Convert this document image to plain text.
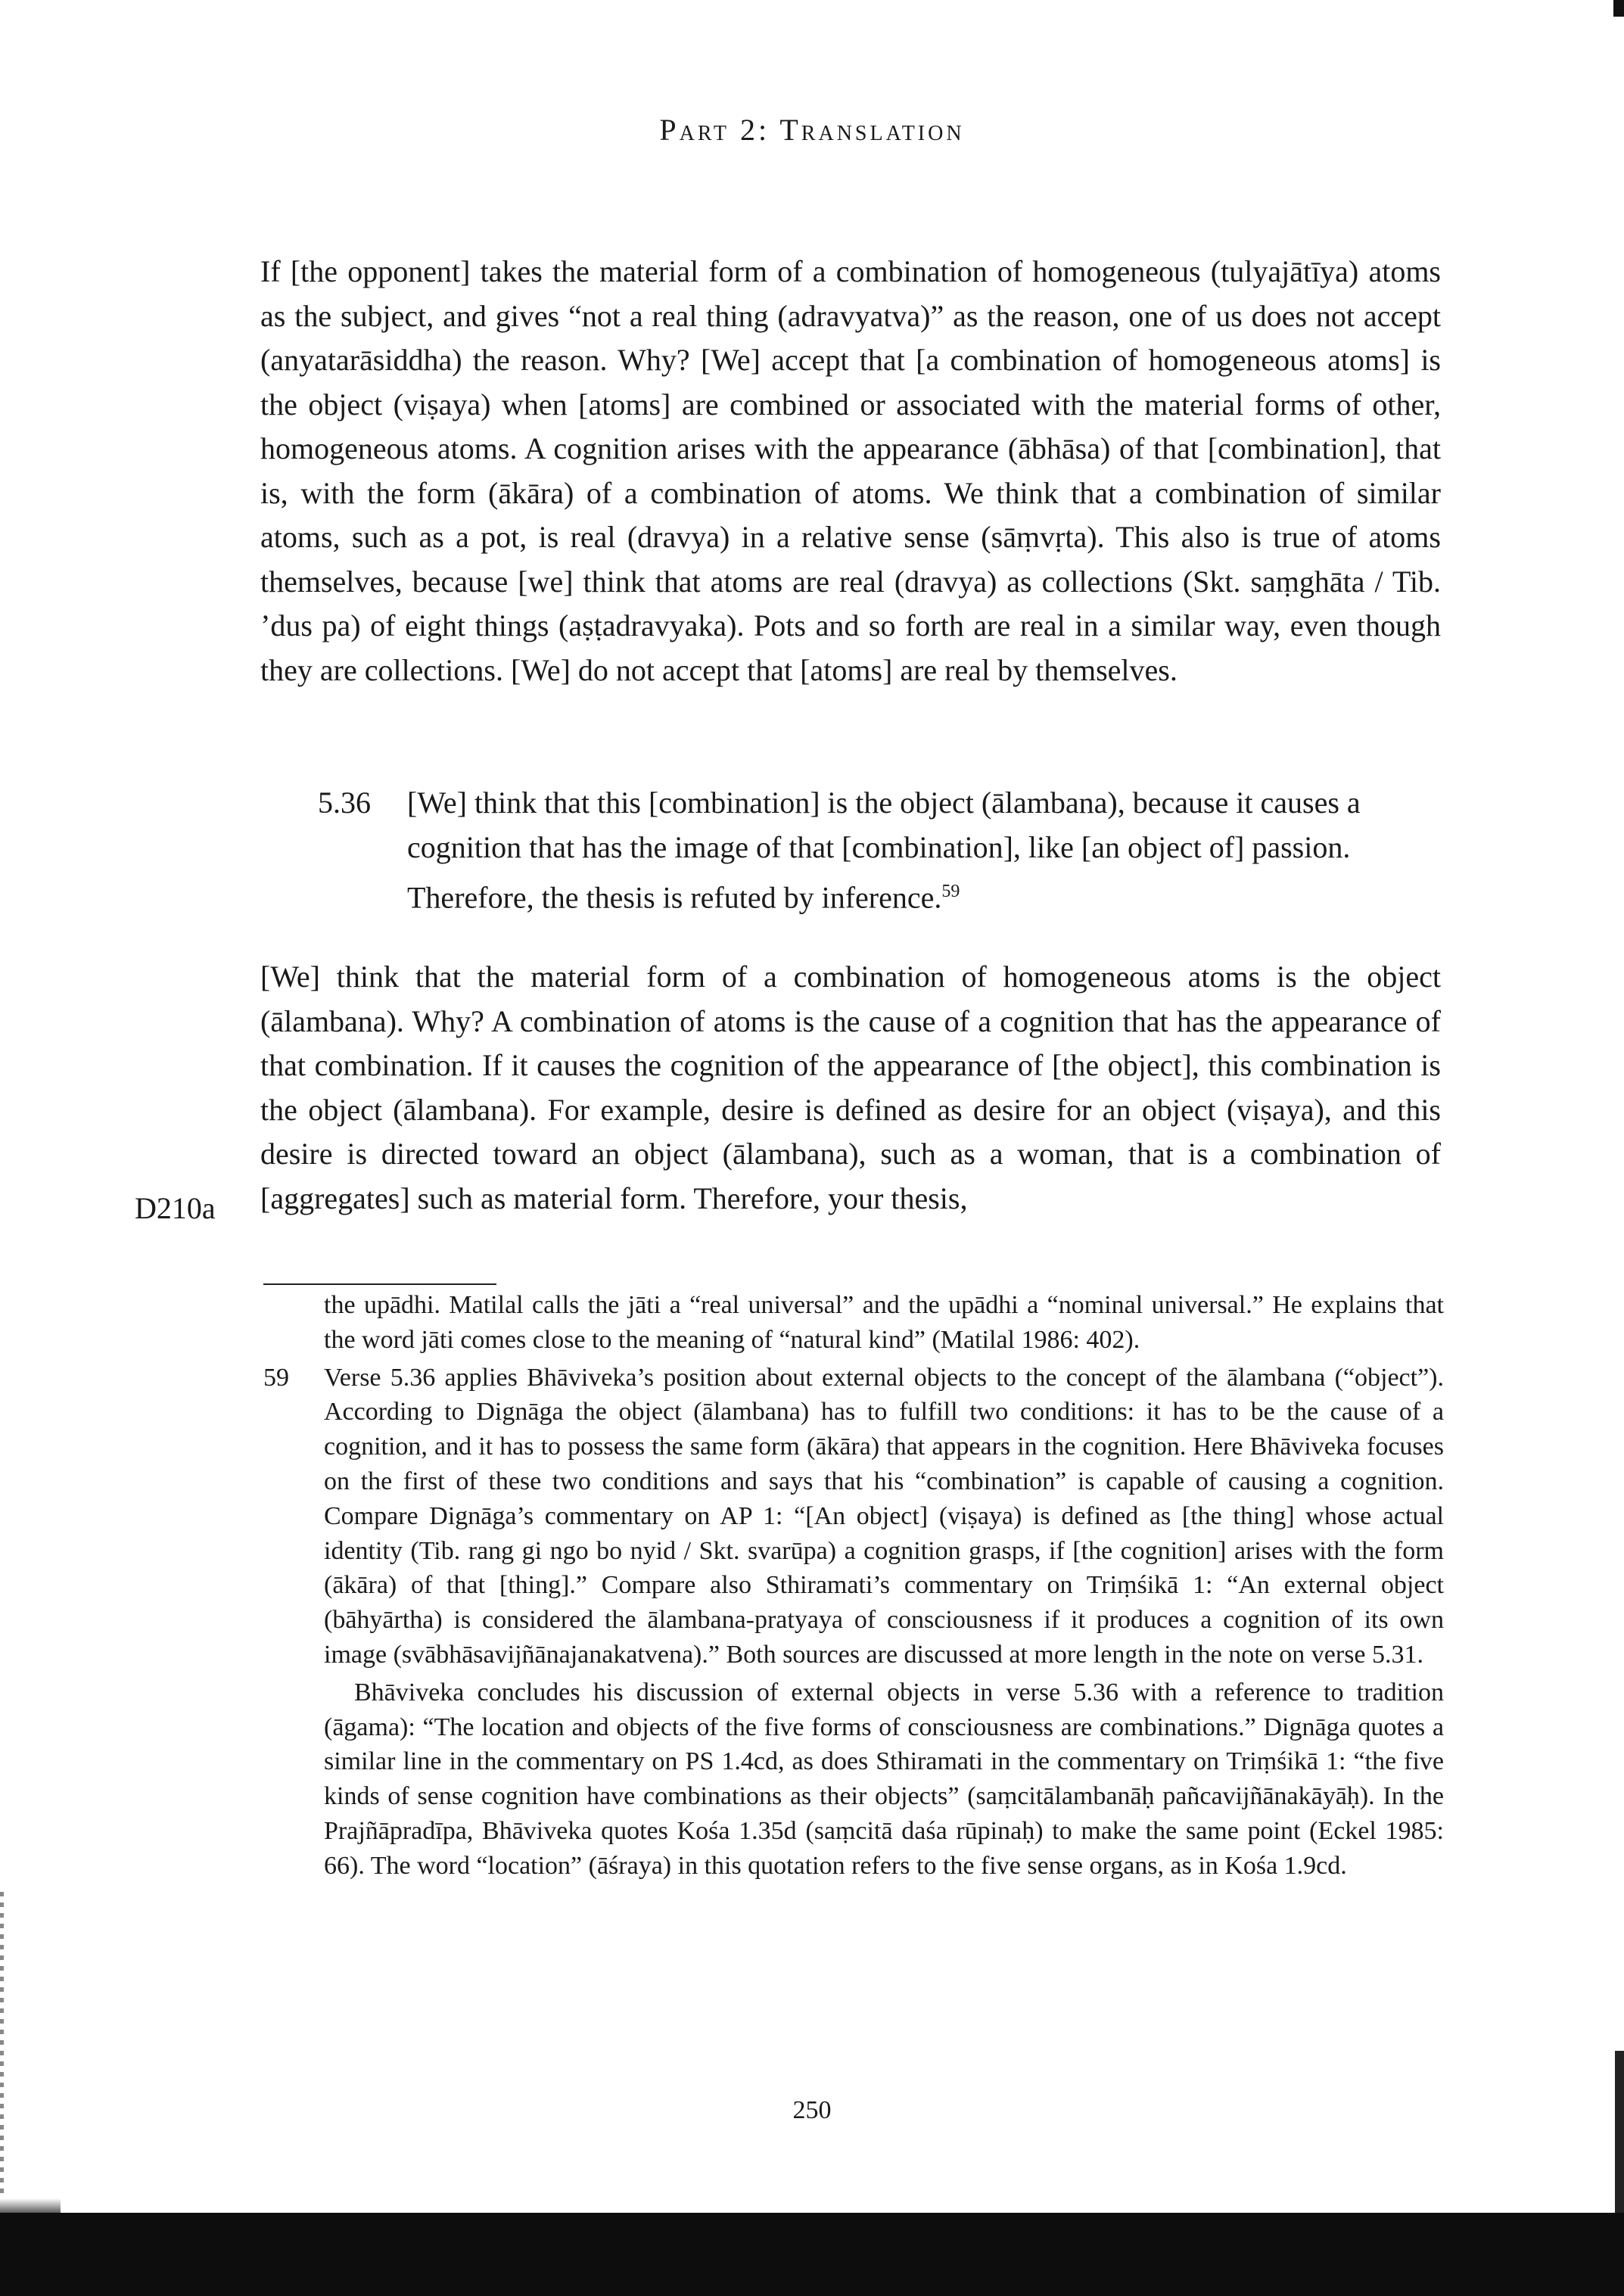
Part 2: Translation

If [the opponent] takes the material form of a combination of homogeneous (tulyajātīya) atoms as the subject, and gives “not a real thing (adravyatva)” as the reason, one of us does not accept (anyatarāsiddha) the reason. Why? [We] accept that [a combination of homogeneous atoms] is the object (viṣaya) when [atoms] are combined or associated with the material forms of other, homogeneous atoms. A cognition arises with the appearance (ābhāsa) of that [combination], that is, with the form (ākāra) of a combination of atoms. We think that a combination of similar atoms, such as a pot, is real (dravya) in a relative sense (sāṃvṛta). This also is true of atoms themselves, because [we] think that atoms are real (dravya) as collections (Skt. saṃghāta / Tib. ’dus pa) of eight things (aṣṭadravyaka). Pots and so forth are real in a similar way, even though they are collections. [We] do not accept that [atoms] are real by themselves.

5.36 [We] think that this [combination] is the object (ālambana), because it causes a cognition that has the image of that [combination], like [an object of] passion. Therefore, the thesis is refuted by inference.$^{59}$

[We] think that the material form of a combination of homogeneous atoms is the object (ālambana). Why? A combination of atoms is the cause of a cognition that has the appearance of that combination. If it causes the cognition of the appearance of [the object], this combination is the object (ālambana). For example, desire is defined as desire for an object (viṣaya), and this desire is directed toward an object (ālambana), such as a woman, that is a combination of [aggregates] such as material form. Therefore, your thesis,

D210a
the upādhi. Matilal calls the jāti a “real universal” and the upādhi a “nominal universal.” He explains that the word jāti comes close to the meaning of “natural kind” (Matilal 1986: 402).
59 Verse 5.36 applies Bhāviveka’s position about external objects to the concept of the ālambana (“object”). According to Dignāga the object (ālambana) has to fulfill two conditions: it has to be the cause of a cognition, and it has to possess the same form (ākāra) that appears in the cognition. Here Bhāviveka focuses on the first of these two conditions and says that his “combination” is capable of causing a cognition. Compare Dignāga’s commentary on AP 1: “[An object] (viṣaya) is defined as [the thing] whose actual identity (Tib. rang gi ngo bo nyid / Skt. svarūpa) a cognition grasps, if [the cognition] arises with the form (ākāra) of that [thing].” Compare also Sthiramati’s commentary on Triṃśikā 1: “An external object (bāhyārtha) is considered the ālambana-pratyaya of consciousness if it produces a cognition of its own image (svābhāsavijñānajanakatvena).” Both sources are discussed at more length in the note on verse 5.31.
Bhāviveka concludes his discussion of external objects in verse 5.36 with a reference to tradition (āgama): “The location and objects of the five forms of consciousness are combinations.” Dignāga quotes a similar line in the commentary on PS 1.4cd, as does Sthiramati in the commentary on Triṃśikā 1: “the five kinds of sense cognition have combinations as their objects” (saṃcitālambanāḥ pañcavijñānakāyāḥ). In the Prajñāpradīpa, Bhāviveka quotes Kośa 1.35d (saṃcitā daśa rūpinaḥ) to make the same point (Eckel 1985: 66). The word “location” (āśraya) in this quotation refers to the five sense organs, as in Kośa 1.9cd.
250
